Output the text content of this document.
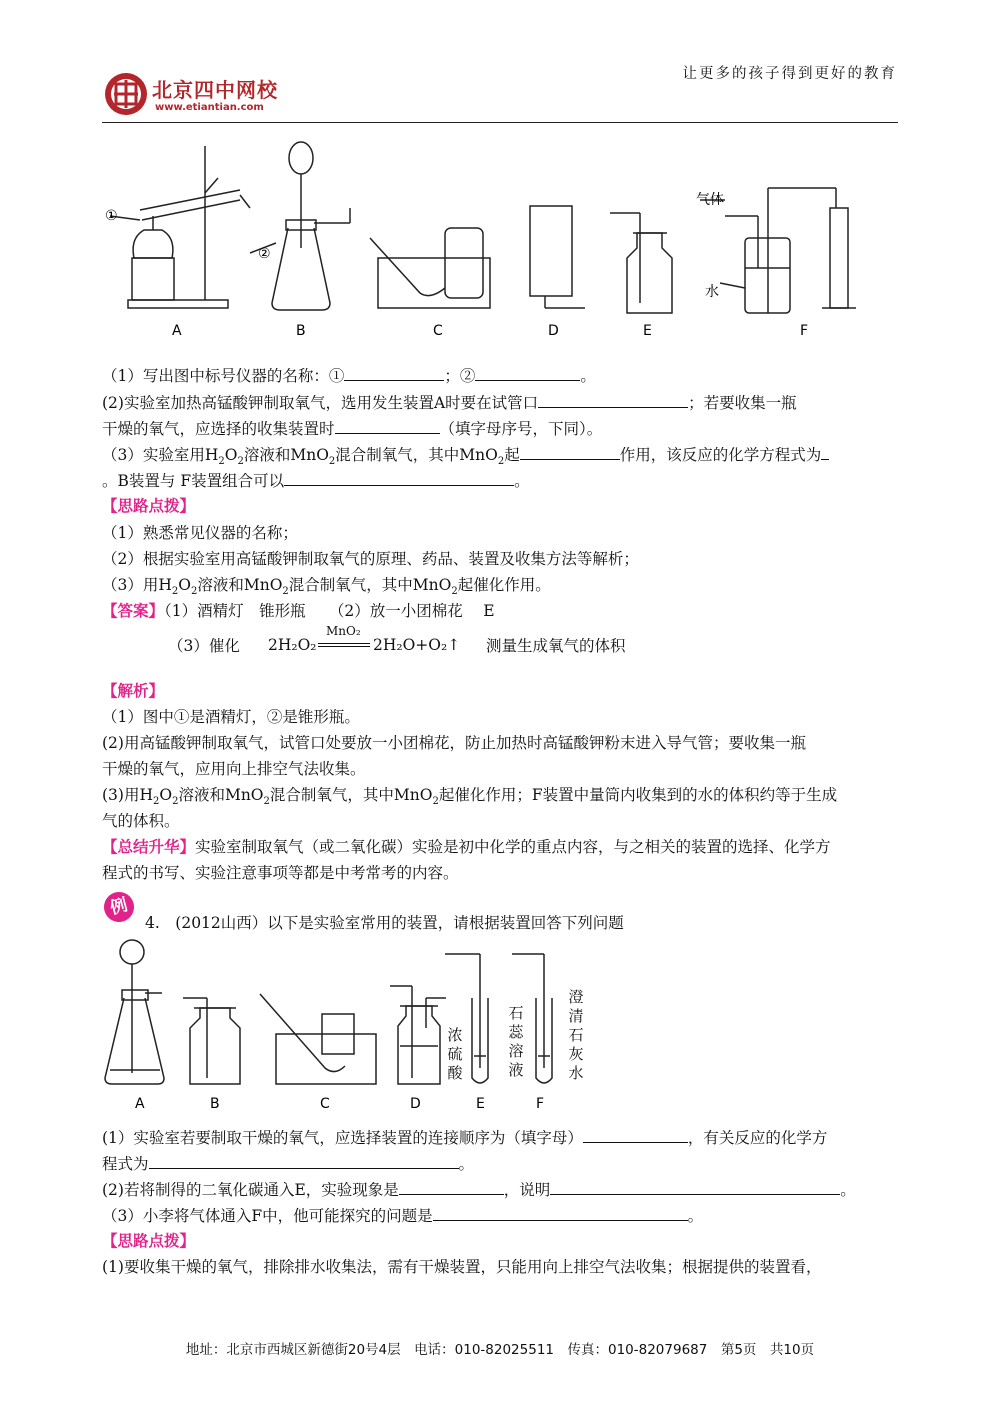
北京四中网校
www.etiantian.com
让更多的孩子得到更好的教育
①
②
气体
水
A	B	C	D	E	F
（1）写出图中标号仪器的名称：①	；②	。
(2)实验室加热高锰酸钾制取氧气，选用发生装置A时要在试管口	；若要收集一瓶
干燥的氧气，应选择的收集装置时	（填字母序号，下同）。
（3）实验室用$H_2O_2$溶液和MnO$_2$混合制氧气，其中MnO$_2$起	作用，该反应的化学方程式为
。B装置与 F装置组合可以	。
【思路点拨】
（1）熟悉常见仪器的名称；
（2）根据实验室用高锰酸钾制取氧气的原理、药品、装置及收集方法等解析；
（3）用$H_2O_2$溶液和MnO$_2$混合制氧气，其中MnO$_2$起催化作用。
【答案】（1）酒精灯　锥形瓶　　 （2）放一小团棉花　 E
（3）催化 2H₂O₂
MnO₂
2H₂O+O₂↑ 测量生成氧气的体积
【解析】
（1）图中①是酒精灯，②是锥形瓶。
(2)用高锰酸钾制取氧气，试管口处要放一小团棉花，防止加热时高锰酸钾粉末进入导气管；要收集一瓶
干燥的氧气，应用向上排空气法收集。
(3)用$H_2O_2$溶液和MnO$_2$混合制氧气，其中MnO$_2$起催化作用；F装置中量筒内收集到的水的体积约等于生成
气的体积。
【总结升华】实验室制取氧气（或二氧化碳）实验是初中化学的重点内容，与之相关的装置的选择、化学方
程式的书写、实验注意事项等都是中考常考的内容。
例
4.　(2012山西）以下是实验室常用的装置，请根据装置回答下列问题
A	B	C	D	E	F
浓硫酸
石蕊溶液
澄清石灰水
(1）实验室若要制取干燥的氧气，应选择装置的连接顺序为（填字母）	，有关反应的化学方
程式为	。
(2)若将制得的二氧化碳通入E，实验现象是	，说明	。
（3）小李将气体通入F中，他可能探究的问题是	。
【思路点拨】
(1)要收集干燥的氧气，排除排水收集法，需有干燥装置，只能用向上排空气法收集；根据提供的装置看，
地址：北京市西城区新德街20号4层　电话：010-82025511　传真：010-82079687　第5页　共10页
